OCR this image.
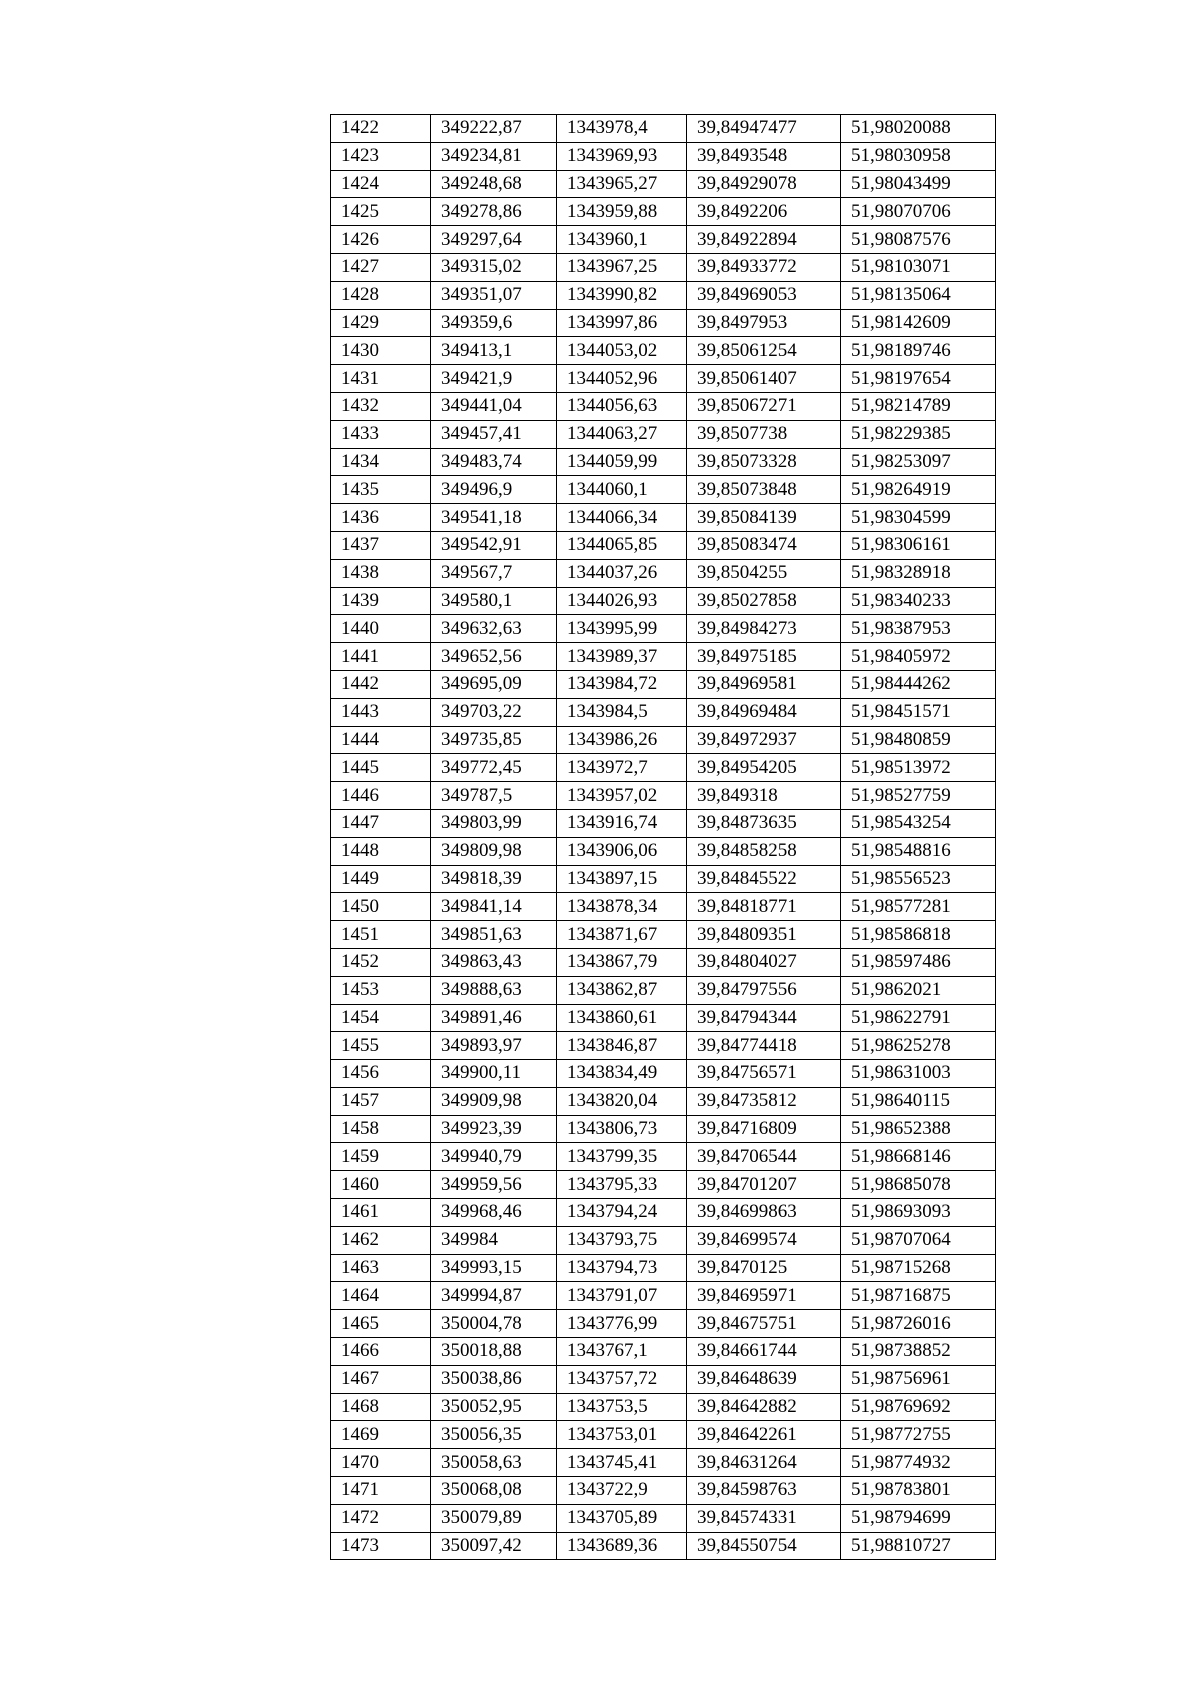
1422	349222,87	1343978,4	39,84947477	51,98020088
1423	349234,81	1343969,93	39,8493548	51,98030958
1424	349248,68	1343965,27	39,84929078	51,98043499
1425	349278,86	1343959,88	39,8492206	51,98070706
1426	349297,64	1343960,1	39,84922894	51,98087576
1427	349315,02	1343967,25	39,84933772	51,98103071
1428	349351,07	1343990,82	39,84969053	51,98135064
1429	349359,6	1343997,86	39,8497953	51,98142609
1430	349413,1	1344053,02	39,85061254	51,98189746
1431	349421,9	1344052,96	39,85061407	51,98197654
1432	349441,04	1344056,63	39,85067271	51,98214789
1433	349457,41	1344063,27	39,8507738	51,98229385
1434	349483,74	1344059,99	39,85073328	51,98253097
1435	349496,9	1344060,1	39,85073848	51,98264919
1436	349541,18	1344066,34	39,85084139	51,98304599
1437	349542,91	1344065,85	39,85083474	51,98306161
1438	349567,7	1344037,26	39,8504255	51,98328918
1439	349580,1	1344026,93	39,85027858	51,98340233
1440	349632,63	1343995,99	39,84984273	51,98387953
1441	349652,56	1343989,37	39,84975185	51,98405972
1442	349695,09	1343984,72	39,84969581	51,98444262
1443	349703,22	1343984,5	39,84969484	51,98451571
1444	349735,85	1343986,26	39,84972937	51,98480859
1445	349772,45	1343972,7	39,84954205	51,98513972
1446	349787,5	1343957,02	39,849318	51,98527759
1447	349803,99	1343916,74	39,84873635	51,98543254
1448	349809,98	1343906,06	39,84858258	51,98548816
1449	349818,39	1343897,15	39,84845522	51,98556523
1450	349841,14	1343878,34	39,84818771	51,98577281
1451	349851,63	1343871,67	39,84809351	51,98586818
1452	349863,43	1343867,79	39,84804027	51,98597486
1453	349888,63	1343862,87	39,84797556	51,9862021
1454	349891,46	1343860,61	39,84794344	51,98622791
1455	349893,97	1343846,87	39,84774418	51,98625278
1456	349900,11	1343834,49	39,84756571	51,98631003
1457	349909,98	1343820,04	39,84735812	51,98640115
1458	349923,39	1343806,73	39,84716809	51,98652388
1459	349940,79	1343799,35	39,84706544	51,98668146
1460	349959,56	1343795,33	39,84701207	51,98685078
1461	349968,46	1343794,24	39,84699863	51,98693093
1462	349984	1343793,75	39,84699574	51,98707064
1463	349993,15	1343794,73	39,8470125	51,98715268
1464	349994,87	1343791,07	39,84695971	51,98716875
1465	350004,78	1343776,99	39,84675751	51,98726016
1466	350018,88	1343767,1	39,84661744	51,98738852
1467	350038,86	1343757,72	39,84648639	51,98756961
1468	350052,95	1343753,5	39,84642882	51,98769692
1469	350056,35	1343753,01	39,84642261	51,98772755
1470	350058,63	1343745,41	39,84631264	51,98774932
1471	350068,08	1343722,9	39,84598763	51,98783801
1472	350079,89	1343705,89	39,84574331	51,98794699
1473	350097,42	1343689,36	39,84550754	51,98810727
